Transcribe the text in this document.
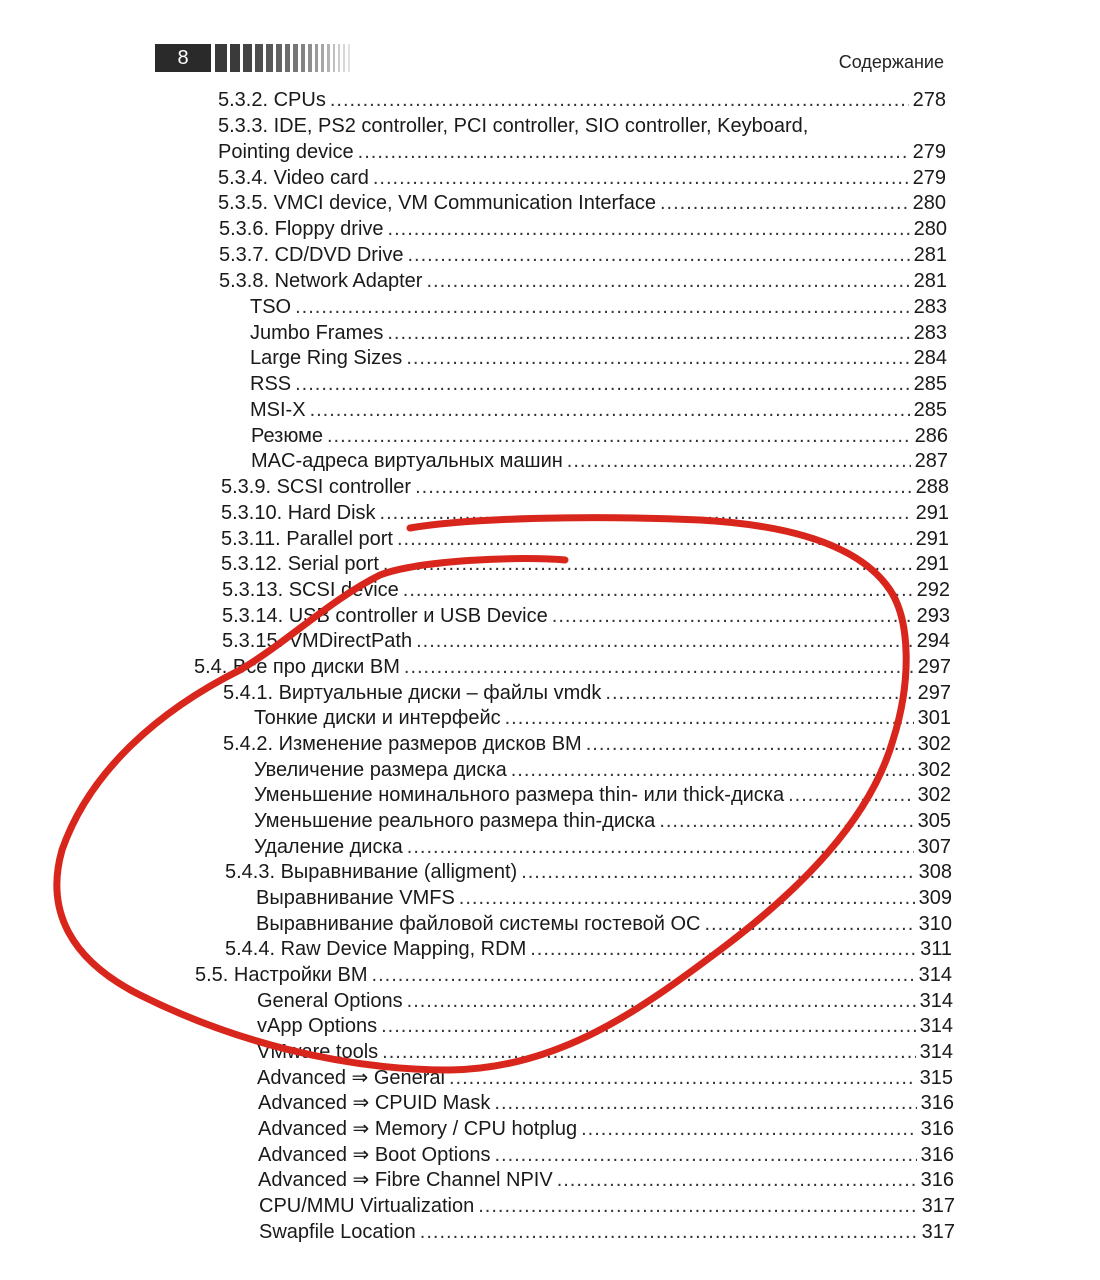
8	Содержание
5.3.2. CPUs .....	278
5.3.3. IDE, PS2 controller, PCI controller, SIO controller, Keyboard,
Pointing device .....	279
5.3.4. Video card .....	279
5.3.5. VMCI device, VM Communication Interface .....	280
5.3.6. Floppy drive .....	280
5.3.7. CD/DVD Drive .....	281
5.3.8. Network Adapter .....	281
TSO .....	283
Jumbo Frames .....	283
Large Ring Sizes .....	284
RSS .....	285
MSI-X .....	285
Резюме .....	286
MAC-адреса виртуальных машин .....	287
5.3.9. SCSI controller .....	288
5.3.10. Hard Disk .....	291
5.3.11. Parallel port .....	291
5.3.12. Serial port .....	291
5.3.13. SCSI device .....	292
5.3.14. USB controller и USB Device .....	293
5.3.15. VMDirectPath .....	294
5.4. Все про диски ВМ .....	297
5.4.1. Виртуальные диски – файлы vmdk .....	297
Тонкие диски и интерфейс .....	301
5.4.2. Изменение размеров дисков ВМ .....	302
Увеличение размера диска .....	302
Уменьшение номинального размера thin- или thick-диска .....	302
Уменьшение реального размера thin-диска .....	305
Удаление диска .....	307
5.4.3. Выравнивание (alligment) .....	308
Выравнивание VMFS .....	309
Выравнивание файловой системы гостевой ОС .....	310
5.4.4. Raw Device Mapping, RDM .....	311
5.5. Настройки ВМ .....	314
General Options .....	314
vApp Options .....	314
VMware tools .....	314
Advanced ⇒ General .....	315
Advanced ⇒ CPUID Mask .....	316
Advanced ⇒ Memory / CPU hotplug .....	316
Advanced ⇒ Boot Options .....	316
Advanced ⇒ Fibre Channel NPIV .....	316
CPU/MMU Virtualization .....	317
Swapfile Location .....	317
